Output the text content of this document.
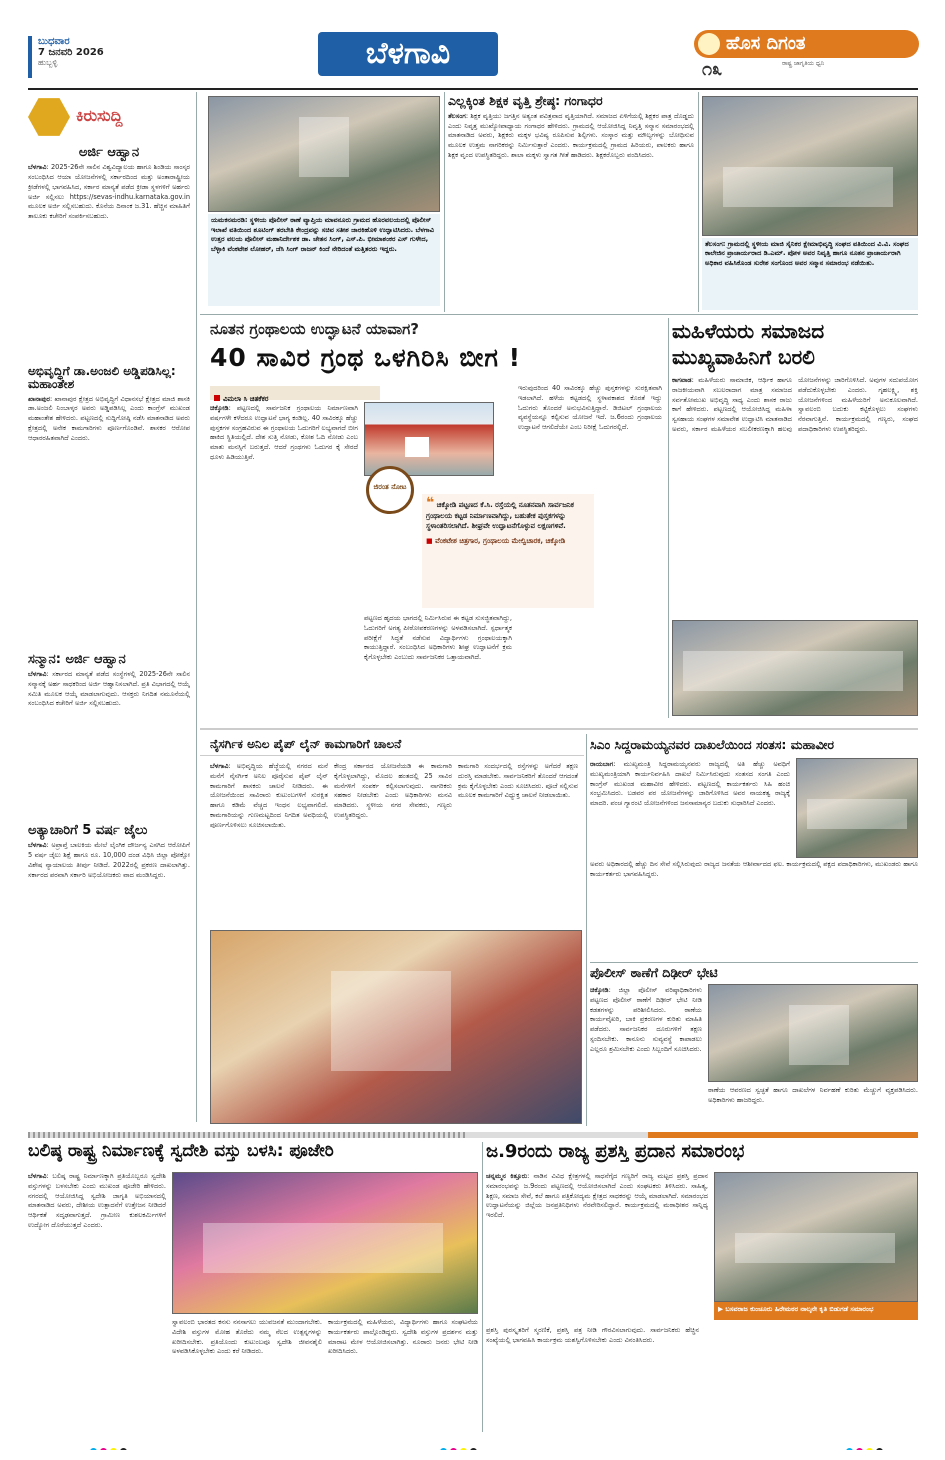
ಬುಧವಾರ
7 ಜನವರಿ 2026
ಹುಬ್ಬಳ್ಳಿ	ಬೆಳಗಾವಿ	ಹೊಸ ದಿಗಂತ
ರಾಷ್ಟ್ರ ಜಾಗೃತಿಯ ಧ್ವನಿ
೧೩
ಕಿರುಸುದ್ದಿ
ಅರ್ಜಿ ಆಹ್ವಾನ
ಬೆಳಗಾವಿ: 2025-26ನೇ ಸಾಲಿನ ವಿಶ್ವವಿದ್ಯಾಲಯ ಹಾಗೂ ಶಿಂಡಿಯ ಸಾಂಸ್ಕರ ಸಂಬಂಧಿಸಿದ ಆಯಾ ಯೋಜನೆಗಳಲ್ಲಿ ಸರ್ಕಾರದಿಂದ ಮತ್ತು ಅಂತಾರಾಷ್ಟ್ರೀಯ ಕ್ರೀಡೆಗಳಲ್ಲಿ ಭಾಗವಹಿಸಿದ, ಸರ್ಕಾರ ಮಾನ್ಯತೆ ಪಡೆದ ಕ್ರೀಡಾ ಸ್ಥಳಗಳಿಗೆ ಅರ್ಹರು ಅರ್ಜಿ ಸಲ್ಲಿಸಲು https://sevas-indhu.karnataka.gov.in ಮೂಲಕ ಅರ್ಜಿ ಸಲ್ಲಿಸಬಹುದು. ಕೊನೆಯ ದಿನಾಂಕ ಜ.31. ಹೆಚ್ಚಿನ ಮಾಹಿತಿಗೆ ತಾಲೂಕು ಕಚೇರಿಗೆ ಸಂಪರ್ಕಿಸಬಹುದು.
ಅಭಿವೃದ್ಧಿಗೆ ಡಾ.ಅಂಜಲಿ ಅಡ್ಡಿಪಡಿಸಿಲ್ಲ: ಮಹಾಂತೇಶ
ಖಾನಾಪುರ: ಖಾನಾಪುರ ಕ್ಷೇತ್ರದ ಅಭಿವೃದ್ಧಿಗೆ ವಿಧಾನಸಭೆ ಕ್ಷೇತ್ರದ ಮಾಜಿ ಶಾಸಕಿ ಡಾ.ಅಂಜಲಿ ನಿಂಬಾಳ್ಕರ ಅವರು ಅಡ್ಡಿಪಡಿಸಿಲ್ಲ ಎಂದು ಕಾಂಗ್ರೆಸ್ ಮುಖಂಡ ಮಹಾಂತೇಶ ಹೇಳಿದರು. ಪಟ್ಟಣದಲ್ಲಿ ಸುದ್ದಿಗೋಷ್ಠಿ ನಡೆಸಿ ಮಾತನಾಡಿದ ಅವರು ಕ್ಷೇತ್ರದಲ್ಲಿ ಅನೇಕ ಕಾಮಗಾರಿಗಳು ಪೂರ್ಣಗೊಂಡಿವೆ. ಶಾಸಕರ ಆರೋಪ ಆಧಾರರಹಿತವಾಗಿದೆ ಎಂದರು.
ಸನ್ಮಾನ: ಅರ್ಜಿ ಆಹ್ವಾನ
ಬೆಳಗಾವಿ: ಸರ್ಕಾರದ ಮಾನ್ಯತೆ ಪಡೆದ ಸಂಸ್ಥೆಗಳಲ್ಲಿ 2025-26ನೇ ಸಾಲಿನ ಸನ್ಮಾನಕ್ಕೆ ಅರ್ಹ ಸಾಧಕರಿಂದ ಅರ್ಜಿ ಆಹ್ವಾನಿಸಲಾಗಿದೆ. ಪ್ರತಿ ವಿಭಾಗದಲ್ಲಿ ಆಯ್ಕೆ ಸಮಿತಿ ಮೂಲಕ ಆಯ್ಕೆ ಮಾಡಲಾಗುವುದು. ಆಸಕ್ತರು ನಿಗದಿತ ನಮೂನೆಯಲ್ಲಿ ಸಂಬಂಧಿಸಿದ ಕಚೇರಿಗೆ ಅರ್ಜಿ ಸಲ್ಲಿಸಬಹುದು.
ಅತ್ಯಾಚಾರಿಗೆ 5 ವರ್ಷ ಜೈಲು
ಬೆಳಗಾವಿ: ಅಪ್ರಾಪ್ತೆ ಬಾಲಕಿಯ ಮೇಲೆ ಲೈಂಗಿಕ ದೌರ್ಜನ್ಯ ಎಸಗಿದ ಆರೋಪಿಗೆ 5 ವರ್ಷ ಜೈಲು ಶಿಕ್ಷೆ ಹಾಗೂ ರೂ. 10,000 ದಂಡ ವಿಧಿಸಿ ಜಿಲ್ಲಾ ಪೋಕ್ಸೋ ವಿಶೇಷ ನ್ಯಾಯಾಲಯ ತೀರ್ಪು ನೀಡಿದೆ. 2022ರಲ್ಲಿ ಪ್ರಕರಣ ದಾಖಲಾಗಿತ್ತು. ಸರ್ಕಾರದ ಪರವಾಗಿ ಸರ್ಕಾರಿ ಅಭಿಯೋಜಕರು ವಾದ ಮಂಡಿಸಿದ್ದರು.
ಯಮಕನಮರಡಿ: ಸ್ಥಳೀಯ ಪೊಲೀಸ್ ಠಾಣೆ ವ್ಯಾಪ್ತಿಯ ಮಾವನೂರು ಗ್ರಾಮದ ಹೊರವಲಯದಲ್ಲಿ ಪೊಲೀಸ್ ಇಲಾಖೆ ವತಿಯಿಂದ ಶೂಟಿಂಗ್ ತರಬೇತಿ ಕೇಂದ್ರವನ್ನು ಸಚಿವ ಸತೀಶ ಜಾರಕಿಹೊಳಿ ಉದ್ಘಾಟಿಸಿದರು. ಬೆಳಗಾವಿ ಉತ್ತರ ವಲಯ ಪೊಲೀಸ್ ಮಹಾನಿರ್ದೇಶಕ ಡಾ. ಚೇತನ ಸಿಂಗ್, ಎಸ್.ಪಿ. ಭೀಮಾಶಂಕರ ಎಸ್ ಗುಳೇದ, ಬೆಳ್ಳಾಕಿ ವೆಂಕಟೇಶ ಲೋಹರ್, ಜೆಸಿ ಸಿಂಗ್ ರಾಜನ್ ಕಿಂದೆ ನೇರಿದಂತೆ ಮತ್ತಿತರರು ಇದ್ದರು.
ಎಲ್ಲಕ್ಕಿಂತ ಶಿಕ್ಷಕ ವೃತ್ತಿ ಶ್ರೇಷ್ಠ: ಗಂಗಾಧರ
ತೆಲಸಂಗ: ಶಿಕ್ಷಕ ವೃತ್ತಿಯು ಜಗತ್ತಿನ ಅತ್ಯಂತ ಪವಿತ್ರವಾದ ವೃತ್ತಿಯಾಗಿದೆ. ಸಮಾಜದ ಏಳಿಗೆಯಲ್ಲಿ ಶಿಕ್ಷಕರ ಪಾತ್ರ ದೊಡ್ಡದು ಎಂದು ನಿವೃತ್ತ ಮುಖ್ಯೋಪಾಧ್ಯಾಯ ಗಂಗಾಧರ ಹೇಳಿದರು. ಗ್ರಾಮದಲ್ಲಿ ಆಯೋಜಿಸಿದ್ದ ನಿವೃತ್ತಿ ಸನ್ಮಾನ ಸಮಾರಂಭದಲ್ಲಿ ಮಾತನಾಡಿದ ಅವರು, ಶಿಕ್ಷಕರು ಮಕ್ಕಳ ಭವಿಷ್ಯ ರೂಪಿಸುವ ಶಿಲ್ಪಿಗಳು. ಸಂಸ್ಕಾರ ಮತ್ತು ಮೌಲ್ಯಗಳನ್ನು ಬೋಧಿಸುವ ಮೂಲಕ ಉತ್ತಮ ನಾಗರಿಕರನ್ನು ನಿರ್ಮಿಸುತ್ತಾರೆ ಎಂದರು. ಕಾರ್ಯಕ್ರಮದಲ್ಲಿ ಗ್ರಾಮದ ಹಿರಿಯರು, ಪಾಲಕರು ಹಾಗೂ ಶಿಕ್ಷಕ ವೃಂದ ಉಪಸ್ಥಿತರಿದ್ದರು. ಶಾಲಾ ಮಕ್ಕಳು ಸ್ವಾಗತ ಗೀತೆ ಹಾಡಿದರು. ಶಿಕ್ಷಕರೊಬ್ಬರು ವಂದಿಸಿದರು.
ತೆಲಸಂಗ: ಗ್ರಾಮದಲ್ಲಿ ಸ್ಥಳೀಯ ಮಾಜಿ ಸೈನಿಕರ ಕ್ಷೇಮಾಭಿವೃದ್ಧಿ ಸಂಘದ ವತಿಯಿಂದ ವಿ.ವಿ. ಸಂಘದ ಕಾಲೇಜಿನ ಪ್ರಾಚಾರ್ಯರಾದ ಡಿ.ಎಮ್. ಪೋಳ ಅವರ ನಿವೃತ್ತಿ ಹಾಗೂ ನೂತನ ಪ್ರಾಚಾರ್ಯರಾಗಿ ಅಧಿಕಾರ ವಹಿಸಿಕೊಂಡ ಸುರೇಶ ಸಂಗೊಂದ ಅವರ ಸನ್ಮಾನ ಸಮಾರಂಭ ನಡೆಯಿತು.
ನೂತನ ಗ್ರಂಥಾಲಯ ಉದ್ಘಾಟನೆ ಯಾವಾಗ?
40 ಸಾವಿರ ಗ್ರಂಥ ಒಳಗಿರಿಸಿ ಬೀಗ !
ವಿಮಲಾ ಸಿ ಚಿತಕೆಕರ
ಚಿಕ್ಕೋಡಿ: ಪಟ್ಟಣದಲ್ಲಿ ಸಾರ್ವಜನಿಕ ಗ್ರಂಥಾಲಯ ನಿರ್ಮಾಣವಾಗಿ ವರ್ಷಗಳೇ ಕಳೆದರೂ ಉದ್ಘಾಟನೆ ಭಾಗ್ಯ ಕಂಡಿಲ್ಲ. 40 ಸಾವಿರಕ್ಕೂ ಹೆಚ್ಚು ಪುಸ್ತಕಗಳ ಸಂಗ್ರಹವಿರುವ ಈ ಗ್ರಂಥಾಲಯ ಓದುಗರಿಗೆ ಲಭ್ಯವಾಗದೆ ಬೀಗ ಹಾಕಿದ ಸ್ಥಿತಿಯಲ್ಲಿದೆ. ದೇಶ ಸುತ್ತಿ ನೋಡು, ಕೋಶ ಓದಿ ನೋಡು ಎಂಬ ಮಾತು ಮನಸ್ಸಿಗೆ ಬರುತ್ತದೆ. ಆದರೆ ಗ್ರಂಥಗಳು ಓದುಗರ ಕೈ ಸೇರದೆ ಧೂಳು ಹಿಡಿಯುತ್ತಿವೆ.
ಜಿರಂತ ನೋಟ
❝ ಚಿಕ್ಕೋಡಿ ಪಟ್ಟಣದ ಕೆ.ಸಿ. ರಸ್ತೆಯಲ್ಲಿ ನೂತನವಾಗಿ ಸಾರ್ವಜನಿಕ ಗ್ರಂಥಾಲಯ ಕಟ್ಟಡ ನಿರ್ಮಾಣವಾಗಿದ್ದು, ಬಹುತೇಕ ಪುಸ್ತಕಗಳನ್ನು ಸ್ಥಳಾಂತರಿಸಲಾಗಿದೆ. ಶೀಘ್ರವೇ ಉದ್ಘಾಟನೆಗೊಳ್ಳುವ ಲಕ್ಷಣಗಳಿವೆ.
■ ವೆಂಕಟೇಶ ಚಿತ್ರಗಾರ, ಗ್ರಂಥಾಲಯ ಮೇಲ್ವಿಚಾರಕ, ಚಿಕ್ಕೋಡಿ
ಪಟ್ಟಣದ ಹೃದಯ ಭಾಗದಲ್ಲಿ ನಿರ್ಮಿಸಿರುವ ಈ ಕಟ್ಟಡ ಸುಸಜ್ಜಿತವಾಗಿದ್ದು, ಓದುಗರಿಗೆ ಅಗತ್ಯ ಪೀಠೋಪಕರಣಗಳನ್ನು ಅಳವಡಿಸಲಾಗಿದೆ. ಸ್ಪರ್ಧಾತ್ಮಕ ಪರೀಕ್ಷೆಗೆ ಸಿದ್ಧತೆ ನಡೆಸುವ ವಿದ್ಯಾರ್ಥಿಗಳು ಗ್ರಂಥಾಲಯಕ್ಕಾಗಿ ಕಾಯುತ್ತಿದ್ದಾರೆ. ಸಂಬಂಧಿಸಿದ ಅಧಿಕಾರಿಗಳು ಶೀಘ್ರ ಉದ್ಘಾಟನೆಗೆ ಕ್ರಮ ಕೈಗೊಳ್ಳಬೇಕು ಎಂಬುದು ಸಾರ್ವಜನಿಕರ ಒತ್ತಾಯವಾಗಿದೆ.
ಇರುವುದರಿಂದ 40 ಸಾವಿರಕ್ಕೂ ಹೆಚ್ಚು ಪುಸ್ತಕಗಳನ್ನು ಸುರಕ್ಷಿತವಾಗಿ ಇಡಲಾಗಿದೆ. ಹಳೆಯ ಕಟ್ಟಡದಲ್ಲಿ ಸ್ಥಳಾವಕಾಶದ ಕೊರತೆ ಇದ್ದು ಓದುಗರು ತೊಂದರೆ ಅನುಭವಿಸುತ್ತಿದ್ದಾರೆ. ಡಿಜಿಟಲ್ ಗ್ರಂಥಾಲಯ ವ್ಯವಸ್ಥೆಯನ್ನೂ ಕಲ್ಪಿಸುವ ಯೋಜನೆ ಇದೆ. ಜ.6ರಂದು ಗ್ರಂಥಾಲಯ ಉದ್ಘಾಟನೆ ಆಗಲಿದೆಯೇ ಎಂಬ ನಿರೀಕ್ಷೆ ಓದುಗರಲ್ಲಿದೆ.
ಮಹಿಳೆಯರು ಸಮಾಜದ ಮುಖ್ಯವಾಹಿನಿಗೆ ಬರಲಿ
ಕಾಗವಾಡ: ಮಹಿಳೆಯರು ಸಾಮಾಜಿಕ, ಆರ್ಥಿಕ ಹಾಗೂ ರಾಜಕೀಯವಾಗಿ ಸಬಲರಾದಾಗ ಮಾತ್ರ ಸಮಾಜದ ಸರ್ವತೋಮುಖ ಅಭಿವೃದ್ಧಿ ಸಾಧ್ಯ ಎಂದು ಶಾಸಕ ರಾಜು ಕಾಗೆ ಹೇಳಿದರು. ಪಟ್ಟಣದಲ್ಲಿ ಆಯೋಜಿಸಿದ್ದ ಮಹಿಳಾ ಸ್ವಸಹಾಯ ಸಂಘಗಳ ಸಮಾವೇಶ ಉದ್ಘಾಟಿಸಿ ಮಾತನಾಡಿದ ಅವರು, ಸರ್ಕಾರ ಮಹಿಳೆಯರ ಸಬಲೀಕರಣಕ್ಕಾಗಿ ಹಲವು ಯೋಜನೆಗಳನ್ನು ಜಾರಿಗೊಳಿಸಿದೆ. ಅವುಗಳ ಸದುಪಯೋಗ ಪಡೆದುಕೊಳ್ಳಬೇಕು ಎಂದರು. ಗೃಹಲಕ್ಷ್ಮಿ, ಶಕ್ತಿ ಯೋಜನೆಗಳಿಂದ ಮಹಿಳೆಯರಿಗೆ ಅನುಕೂಲವಾಗಿದೆ. ಸ್ವಾವಲಂಬಿ ಬದುಕು ಕಟ್ಟಿಕೊಳ್ಳಲು ಸಂಘಗಳು ನೆರವಾಗುತ್ತಿವೆ. ಕಾರ್ಯಕ್ರಮದಲ್ಲಿ ಗಣ್ಯರು, ಸಂಘದ ಪದಾಧಿಕಾರಿಗಳು ಉಪಸ್ಥಿತರಿದ್ದರು.
ನೈಸರ್ಗಿಕ ಅನಿಲ ಪೈಪ್ ಲೈನ್ ಕಾಮಗಾರಿಗೆ ಚಾಲನೆ
ಬೆಳಗಾವಿ: ಅಭಿವೃದ್ಧಿಯ ಹೆಜ್ಜೆಯಲ್ಲಿ ನಗರದ ಮನೆ ಮನೆಗೆ ನೈಸರ್ಗಿಕ ಅನಿಲ ಪೂರೈಸುವ ಪೈಪ್ ಲೈನ್ ಕಾಮಗಾರಿಗೆ ಶಾಸಕರು ಚಾಲನೆ ನೀಡಿದರು. ಈ ಯೋಜನೆಯಿಂದ ಸಾವಿರಾರು ಕುಟುಂಬಗಳಿಗೆ ಸುರಕ್ಷಿತ ಹಾಗೂ ಕಡಿಮೆ ವೆಚ್ಚದ ಇಂಧನ ಲಭ್ಯವಾಗಲಿದೆ. ಕಾಮಗಾರಿಯನ್ನು ಗುಣಮಟ್ಟದಿಂದ ನಿಗದಿತ ಅವಧಿಯಲ್ಲಿ ಪೂರ್ಣಗೊಳಿಸಲು ಸೂಚಿಸಲಾಯಿತು.
ಕೇಂದ್ರ ಸರ್ಕಾರದ ಯೋಜನೆಯಡಿ ಈ ಕಾಮಗಾರಿ ಕೈಗೊಳ್ಳಲಾಗಿದ್ದು, ಮೊದಲ ಹಂತದಲ್ಲಿ 25 ಸಾವಿರ ಮನೆಗಳಿಗೆ ಸಂಪರ್ಕ ಕಲ್ಪಿಸಲಾಗುವುದು. ನಾಗರಿಕರು ಸಹಕಾರ ನೀಡಬೇಕು ಎಂದು ಅಧಿಕಾರಿಗಳು ಮನವಿ ಮಾಡಿದರು. ಸ್ಥಳೀಯ ನಗರ ಸೇವಕರು, ಗಣ್ಯರು ಉಪಸ್ಥಿತರಿದ್ದರು.
ಕಾಮಗಾರಿ ಸಂದರ್ಭದಲ್ಲಿ ರಸ್ತೆಗಳನ್ನು ಅಗೆದರೆ ತಕ್ಷಣ ದುರಸ್ತಿ ಮಾಡಬೇಕು. ಸಾರ್ವಜನಿಕರಿಗೆ ತೊಂದರೆ ಆಗದಂತೆ ಕ್ರಮ ಕೈಗೊಳ್ಳಬೇಕು ಎಂದು ಸೂಚಿಸಿದರು. ಪೂಜೆ ಸಲ್ಲಿಸುವ ಮೂಲಕ ಕಾಮಗಾರಿಗೆ ವಿಧ್ಯುಕ್ತ ಚಾಲನೆ ನೀಡಲಾಯಿತು.
ಸಿಎಂ ಸಿದ್ದರಾಮಯ್ಯನವರ ದಾಖಲೆಯಿಂದ ಸಂತಸ: ಮಹಾವೀರ
ರಾಯಬಾಗ: ಮುಖ್ಯಮಂತ್ರಿ ಸಿದ್ದರಾಮಯ್ಯನವರು ರಾಜ್ಯದಲ್ಲಿ ಅತಿ ಹೆಚ್ಚು ಅವಧಿಗೆ ಮುಖ್ಯಮಂತ್ರಿಯಾಗಿ ಕಾರ್ಯನಿರ್ವಹಿಸಿ ದಾಖಲೆ ನಿರ್ಮಿಸಿರುವುದು ಸಂತಸದ ಸಂಗತಿ ಎಂದು ಕಾಂಗ್ರೆಸ್ ಮುಖಂಡ ಮಹಾವೀರ ಹೇಳಿದರು. ಪಟ್ಟಣದಲ್ಲಿ ಕಾರ್ಯಕರ್ತರು ಸಿಹಿ ಹಂಚಿ ಸಂಭ್ರಮಿಸಿದರು. ಬಡವರ ಪರ ಯೋಜನೆಗಳನ್ನು ಜಾರಿಗೊಳಿಸಿದ ಅವರ ನಾಯಕತ್ವ ರಾಜ್ಯಕ್ಕೆ ಮಾದರಿ. ಪಂಚ ಗ್ಯಾರಂಟಿ ಯೋಜನೆಗಳಿಂದ ಜನಸಾಮಾನ್ಯರ ಬದುಕು ಸುಧಾರಿಸಿದೆ ಎಂದರು.
ಅವರು ಅಧಿಕಾರದಲ್ಲಿ ಹೆಚ್ಚು ದಿನ ಸೇವೆ ಸಲ್ಲಿಸಿರುವುದು ರಾಜ್ಯದ ಜನತೆಯ ಆಶೀರ್ವಾದದ ಫಲ. ಕಾರ್ಯಕ್ರಮದಲ್ಲಿ ಪಕ್ಷದ ಪದಾಧಿಕಾರಿಗಳು, ಮುಖಂಡರು ಹಾಗೂ ಕಾರ್ಯಕರ್ತರು ಭಾಗವಹಿಸಿದ್ದರು.
ಪೊಲೀಸ್ ಠಾಣೆಗೆ ದಿಢೀರ್ ಭೇಟಿ
ಚಿಕ್ಕೋಡಿ: ಜಿಲ್ಲಾ ಪೊಲೀಸ್ ವರಿಷ್ಠಾಧಿಕಾರಿಗಳು ಪಟ್ಟಣದ ಪೊಲೀಸ್ ಠಾಣೆಗೆ ದಿಢೀರ್ ಭೇಟಿ ನೀಡಿ ಕಡತಗಳನ್ನು ಪರಿಶೀಲಿಸಿದರು. ಠಾಣೆಯ ಕಾರ್ಯವೈಖರಿ, ಬಾಕಿ ಪ್ರಕರಣಗಳ ಕುರಿತು ಮಾಹಿತಿ ಪಡೆದರು. ಸಾರ್ವಜನಿಕರ ದೂರುಗಳಿಗೆ ತಕ್ಷಣ ಸ್ಪಂದಿಸಬೇಕು. ಕಾನೂನು ಸುವ್ಯವಸ್ಥೆ ಕಾಪಾಡಲು ಎಲ್ಲರೂ ಶ್ರಮಿಸಬೇಕು ಎಂದು ಸಿಬ್ಬಂದಿಗೆ ಸೂಚಿಸಿದರು.
ಠಾಣೆಯ ಆವರಣದ ಸ್ವಚ್ಛತೆ ಹಾಗೂ ದಾಖಲೆಗಳ ನಿರ್ವಹಣೆ ಕುರಿತು ಮೆಚ್ಚುಗೆ ವ್ಯಕ್ತಪಡಿಸಿದರು. ಅಧಿಕಾರಿಗಳು ಹಾಜರಿದ್ದರು.
ಬಲಿಷ್ಠ ರಾಷ್ಟ್ರ ನಿರ್ಮಾಣಕ್ಕೆ ಸ್ವದೇಶಿ ವಸ್ತು ಬಳಸಿ: ಪೂಜೇರಿ
ಬೆಳಗಾವಿ: ಬಲಿಷ್ಠ ರಾಷ್ಟ್ರ ನಿರ್ಮಾಣಕ್ಕಾಗಿ ಪ್ರತಿಯೊಬ್ಬರೂ ಸ್ವದೇಶಿ ವಸ್ತುಗಳನ್ನು ಬಳಸಬೇಕು ಎಂದು ಮುಖಂಡ ಪೂಜೇರಿ ಹೇಳಿದರು. ನಗರದಲ್ಲಿ ಆಯೋಜಿಸಿದ್ದ ಸ್ವದೇಶಿ ಜಾಗೃತಿ ಅಭಿಯಾನದಲ್ಲಿ ಮಾತನಾಡಿದ ಅವರು, ದೇಶೀಯ ಉತ್ಪಾದನೆಗೆ ಉತ್ತೇಜನ ನೀಡಿದರೆ ಆರ್ಥಿಕತೆ ಸದೃಢವಾಗುತ್ತದೆ. ಗ್ರಾಮೀಣ ಕುಶಲಕರ್ಮಿಗಳಿಗೆ ಉದ್ಯೋಗ ದೊರೆಯುತ್ತದೆ ಎಂದರು.
ಸ್ವಾವಲಂಬಿ ಭಾರತದ ಕನಸು ನನಸಾಗಲು ಯುವಜನತೆ ಮುಂದಾಗಬೇಕು. ವಿದೇಶಿ ವಸ್ತುಗಳ ಮೋಹ ತೊರೆದು ನಮ್ಮ ನೆಲದ ಉತ್ಪನ್ನಗಳನ್ನು ಖರೀದಿಸಬೇಕು. ಪ್ರತಿಯೊಂದು ಕುಟುಂಬವೂ ಸ್ವದೇಶಿ ಜೀವನಶೈಲಿ ಅಳವಡಿಸಿಕೊಳ್ಳಬೇಕು ಎಂದು ಕರೆ ನೀಡಿದರು.
ಕಾರ್ಯಕ್ರಮದಲ್ಲಿ ಮಹಿಳೆಯರು, ವಿದ್ಯಾರ್ಥಿಗಳು ಹಾಗೂ ಸಂಘಟನೆಯ ಕಾರ್ಯಕರ್ತರು ಪಾಲ್ಗೊಂಡಿದ್ದರು. ಸ್ವದೇಶಿ ವಸ್ತುಗಳ ಪ್ರದರ್ಶನ ಮತ್ತು ಮಾರಾಟ ಮೇಳ ಆಯೋಜಿಸಲಾಗಿತ್ತು. ನೂರಾರು ಜನರು ಭೇಟಿ ನೀಡಿ ಖರೀದಿಸಿದರು.
ಜ.9ರಂದು ರಾಜ್ಯ ಪ್ರಶಸ್ತಿ ಪ್ರದಾನ ಸಮಾರಂಭ
ಚನ್ನಮ್ಮನ ಕಿತ್ತೂರು: ನಾಡಿನ ವಿವಿಧ ಕ್ಷೇತ್ರಗಳಲ್ಲಿ ಸಾಧನೆಗೈದ ಗಣ್ಯರಿಗೆ ರಾಜ್ಯ ಮಟ್ಟದ ಪ್ರಶಸ್ತಿ ಪ್ರದಾನ ಸಮಾರಂಭವನ್ನು ಜ.9ರಂದು ಪಟ್ಟಣದಲ್ಲಿ ಆಯೋಜಿಸಲಾಗಿದೆ ಎಂದು ಸಂಘಟಕರು ತಿಳಿಸಿದರು. ಸಾಹಿತ್ಯ, ಶಿಕ್ಷಣ, ಸಮಾಜ ಸೇವೆ, ಕಲೆ ಹಾಗೂ ಪತ್ರಿಕೋದ್ಯಮ ಕ್ಷೇತ್ರದ ಸಾಧಕರನ್ನು ಆಯ್ಕೆ ಮಾಡಲಾಗಿದೆ. ಸಮಾರಂಭದ ಉದ್ಘಾಟನೆಯನ್ನು ಜಿಲ್ಲೆಯ ಜನಪ್ರತಿನಿಧಿಗಳು ನೆರವೇರಿಸಲಿದ್ದಾರೆ. ಕಾರ್ಯಕ್ರಮದಲ್ಲಿ ಮಠಾಧೀಶರ ಸಾನ್ನಿಧ್ಯ ಇರಲಿದೆ.
▶ ಬಸವರಾಜ ಕುಂಚೂರು ಹಿರೇಮಠರ ನಾಲ್ಕನೇ ಕೃತಿ ಬಿಡುಗಡೆ ಸಮಾರಂಭ
ಪ್ರಶಸ್ತಿ ಪುರಸ್ಕೃತರಿಗೆ ಸ್ಮರಣಿಕೆ, ಪ್ರಶಸ್ತಿ ಪತ್ರ ನೀಡಿ ಗೌರವಿಸಲಾಗುವುದು. ಸಾರ್ವಜನಿಕರು ಹೆಚ್ಚಿನ ಸಂಖ್ಯೆಯಲ್ಲಿ ಭಾಗವಹಿಸಿ ಕಾರ್ಯಕ್ರಮ ಯಶಸ್ವಿಗೊಳಿಸಬೇಕು ಎಂದು ವಿನಂತಿಸಿದರು.
